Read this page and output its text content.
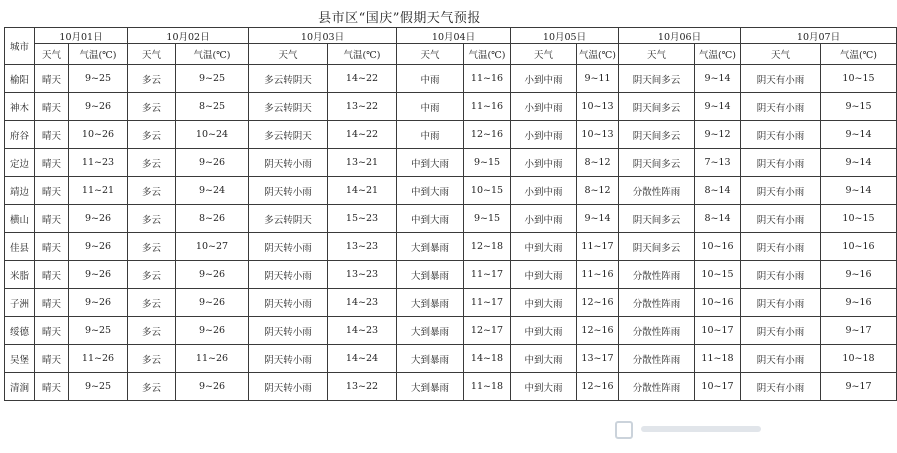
县市区“国庆”假期天气预报
城市	10月01日		10月02日		10月03日		10月04日		10月05日		10月06日		10月07日	
	天气	气温(℃)	天气	气温(℃)	天气	气温(℃)	天气	气温(℃)	天气	气温(℃)	天气	气温(℃)	天气	气温(℃)
榆阳	晴天	9~25	多云	9~25	多云转阴天	14~22	中雨	11~16	小到中雨	9~11	阴天间多云	9~14	阴天有小雨	10~15
神木	晴天	9~26	多云	8~25	多云转阴天	13~22	中雨	11~16	小到中雨	10~13	阴天间多云	9~14	阴天有小雨	9~15
府谷	晴天	10~26	多云	10~24	多云转阴天	14~22	中雨	12~16	小到中雨	10~13	阴天间多云	9~12	阴天有小雨	9~14
定边	晴天	11~23	多云	9~26	阴天转小雨	13~21	中到大雨	9~15	小到中雨	8~12	阴天间多云	7~13	阴天有小雨	9~14
靖边	晴天	11~21	多云	9~24	阴天转小雨	14~21	中到大雨	10~15	小到中雨	8~12	分散性阵雨	8~14	阴天有小雨	9~14
横山	晴天	9~26	多云	8~26	多云转阴天	15~23	中到大雨	9~15	小到中雨	9~14	阴天间多云	8~14	阴天有小雨	10~15
佳县	晴天	9~26	多云	10~27	阴天转小雨	13~23	大到暴雨	12~18	中到大雨	11~17	阴天间多云	10~16	阴天有小雨	10~16
米脂	晴天	9~26	多云	9~26	阴天转小雨	13~23	大到暴雨	11~17	中到大雨	11~16	分散性阵雨	10~15	阴天有小雨	9~16
子洲	晴天	9~26	多云	9~26	阴天转小雨	14~23	大到暴雨	11~17	中到大雨	12~16	分散性阵雨	10~16	阴天有小雨	9~16
绥德	晴天	9~25	多云	9~26	阴天转小雨	14~23	大到暴雨	12~17	中到大雨	12~16	分散性阵雨	10~17	阴天有小雨	9~17
吴堡	晴天	11~26	多云	11~26	阴天转小雨	14~24	大到暴雨	14~18	中到大雨	13~17	分散性阵雨	11~18	阴天有小雨	10~18
清涧	晴天	9~25	多云	9~26	阴天转小雨	13~22	大到暴雨	11~18	中到大雨	12~16	分散性阵雨	10~17	阴天有小雨	9~17
